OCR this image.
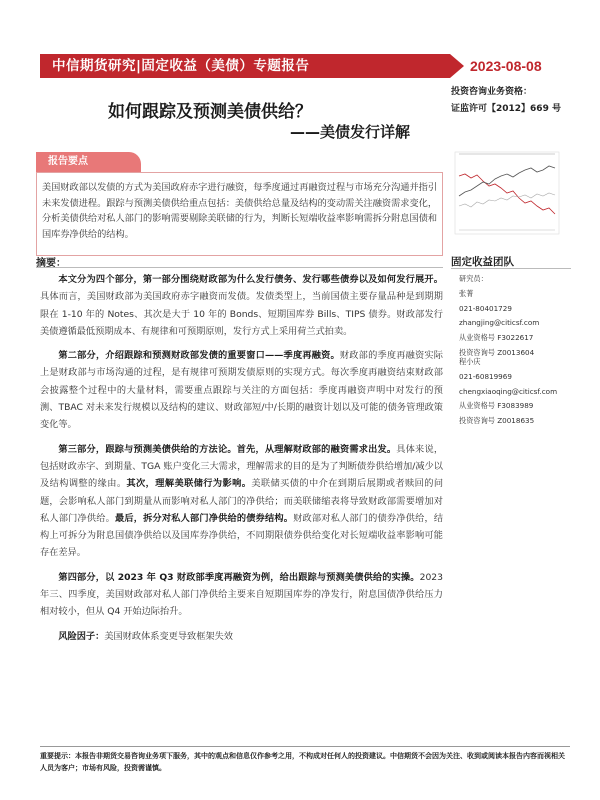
中信期货研究|固定收益（美债）专题报告	2023-08-08
投资咨询业务资格：
证监许可【2012】669 号
如何跟踪及预测美债供给？
——美债发行详解
报告要点
美国财政部以发债的方式为美国政府赤字进行融资，每季度通过再融资过程与市场充分沟通并指引未来发债进程。跟踪与预测美债供给重点包括：美债供给总量及结构的变动需关注融资需求变化，分析美债供给对私人部门的影响需要剔除美联储的行为，判断长短端收益率影响需拆分附息国债和国库券净供给的结构。
摘要：

本文分为四个部分，第一部分围绕财政部为什么发行债务、发行哪些债券以及如何发行展开。具体而言，美国财政部为美国政府赤字融资而发债。发债类型上，当前国债主要存量品种是到期期限在 1-10 年的 Notes、其次是大于 10 年的 Bonds、短期国库券 Bills、TIPS 债券。财政部发行美债遵循最低预期成本、有规律和可预期原则，发行方式上采用荷兰式拍卖。

第二部分，介绍跟踪和预测财政部发债的重要窗口——季度再融资。财政部的季度再融资实际上是财政部与市场沟通的过程，是有规律可预期发债原则的实现方式。每次季度再融资结束财政部会披露整个过程中的大量材料，需要重点跟踪与关注的方面包括：季度再融资声明中对发行的预测、TBAC 对未来发行规模以及结构的建议、财政部短/中/长期的融资计划以及可能的债务管理政策变化等。

第三部分，跟踪与预测美债供给的方法论。首先，从理解财政部的融资需求出发。具体来说，包括财政赤字、到期量、TGA 账户变化三大需求，理解需求的目的是为了判断债券供给增加/减少以及结构调整的缘由。其次，理解美联储行为影响。美联储买债的中介在到期后展期或者赎回的问题，会影响私人部门到期量从而影响对私人部门的净供给；而美联储缩表将导致财政部需要增加对私人部门净供给。最后，拆分对私人部门净供给的债券结构。财政部对私人部门的债券净供给，结构上可拆分为附息国债净供给以及国库券净供给，不同期限债券供给变化对长短端收益率影响可能存在差异。

第四部分，以 2023 年 Q3 财政部季度再融资为例，给出跟踪与预测美债供给的实操。2023 年三、四季度，美国财政部对私人部门净供给主要来自短期国库券的净发行，附息国债净供给压力相对较小，但从 Q4 开始边际抬升。

风险因子：美国财政体系变更导致框架失效

固定收益团队
研究员：
张菁
021-80401729
zhangjing@citicsf.com
从业资格号 F3022617
投资咨询号 Z0013604
程小庆
021-60819969
chengxiaoqing@citicsf.com
从业资格号 F3083989
投资咨询号 Z0018635
重要提示：本报告非期货交易咨询业务项下服务，其中的观点和信息仅作参考之用，不构成对任何人的投资建议。中信期货不会因为关注、收到或阅读本报告内容而视相关人员为客户；市场有风险，投资需谨慎。
